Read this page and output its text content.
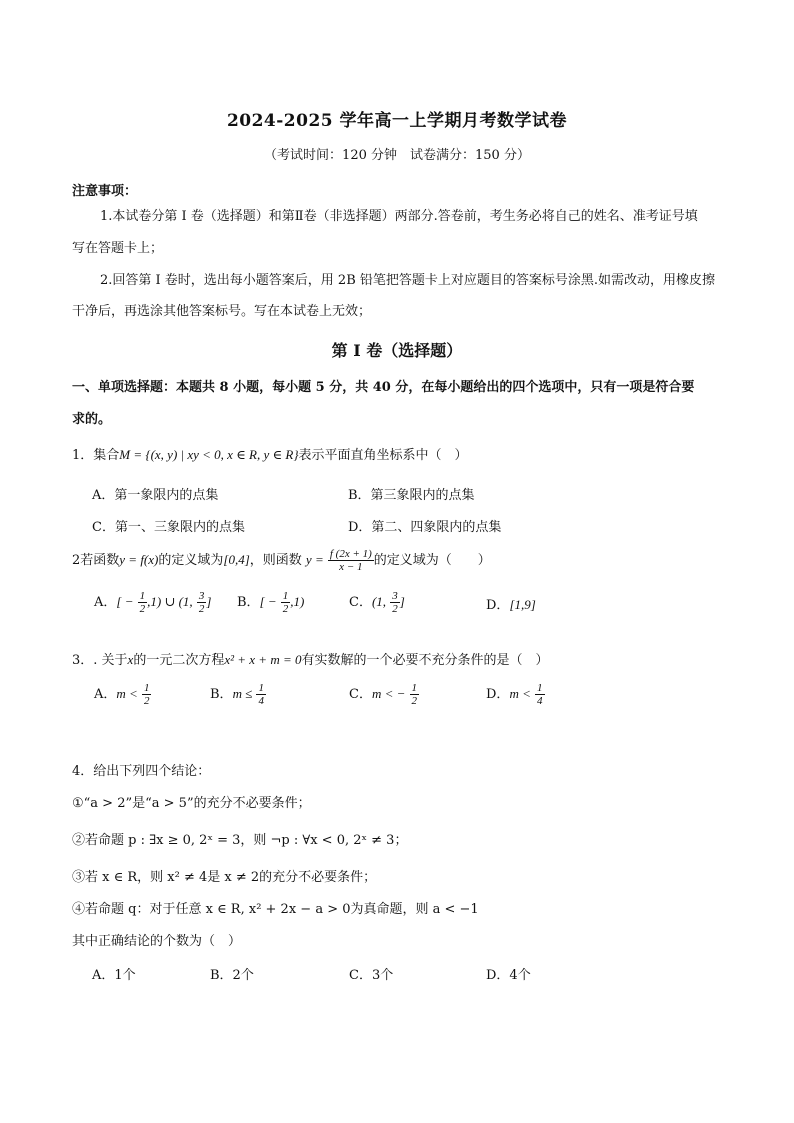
2024-2025 学年高一上学期月考数学试卷
（考试时间：120 分钟　试卷满分：150 分）
注意事项：
1.本试卷分第 I 卷（选择题）和第Ⅱ卷（非选择题）两部分.答卷前，考生务必将自己的姓名、准考证号填
写在答题卡上；
2.回答第 I 卷时，选出每小题答案后，用 2B 铅笔把答题卡上对应题目的答案标号涂黑.如需改动，用橡皮擦
干净后，再选涂其他答案标号。写在本试卷上无效；
第 I 卷（选择题）
一、单项选择题：本题共 8 小题，每小题 5 分，共 40 分，在每小题给出的四个选项中，只有一项是符合要
求的。
1．集合M = {(x, y) | xy < 0, x ∈ R, y ∈ R}表示平面直角坐标系中（　）
A．第一象限内的点集	B．第三象限内的点集
C．第一、三象限内的点集	D．第二、四象限内的点集
2若函数y = f(x)的定义域为[0,4]，则函数 $y = \frac{f (2x + 1)}{x - 1}$ 的定义域为（　　）
A．[ − $\frac{1}{2} ,1$) ∪ (1, $\frac{3}{2}$ ] B．[ − $\frac{1}{2} ,1$)	C．(1, $\frac{3}{2}$ ]	D．[1,9]
3．. 关于x的一元二次方程x² + x + m = 0有实数解的一个必要不充分条件的是（　）
A．$m < \frac{1}{2}$	B．$m \le \frac{1}{4}$	C．m < − $\frac{1}{2}$	D．$m < \frac{1}{4}$
4．给出下列四个结论：
①“a > 2”是“a > 5”的充分不必要条件；
②若命题 p : ∃x ≥ 0, 2ˣ = 3，则 ¬p : ∀x < 0, 2ˣ ≠ 3；
③若 x ∈ R，则 x² ≠ 4是 x ≠ 2的充分不必要条件；
④若命题 q：对于任意 x ∈ R, x² + 2x − a > 0为真命题，则 a < −1
其中正确结论的个数为（　）
A．1个	B．2个	C．3个	D．4个
